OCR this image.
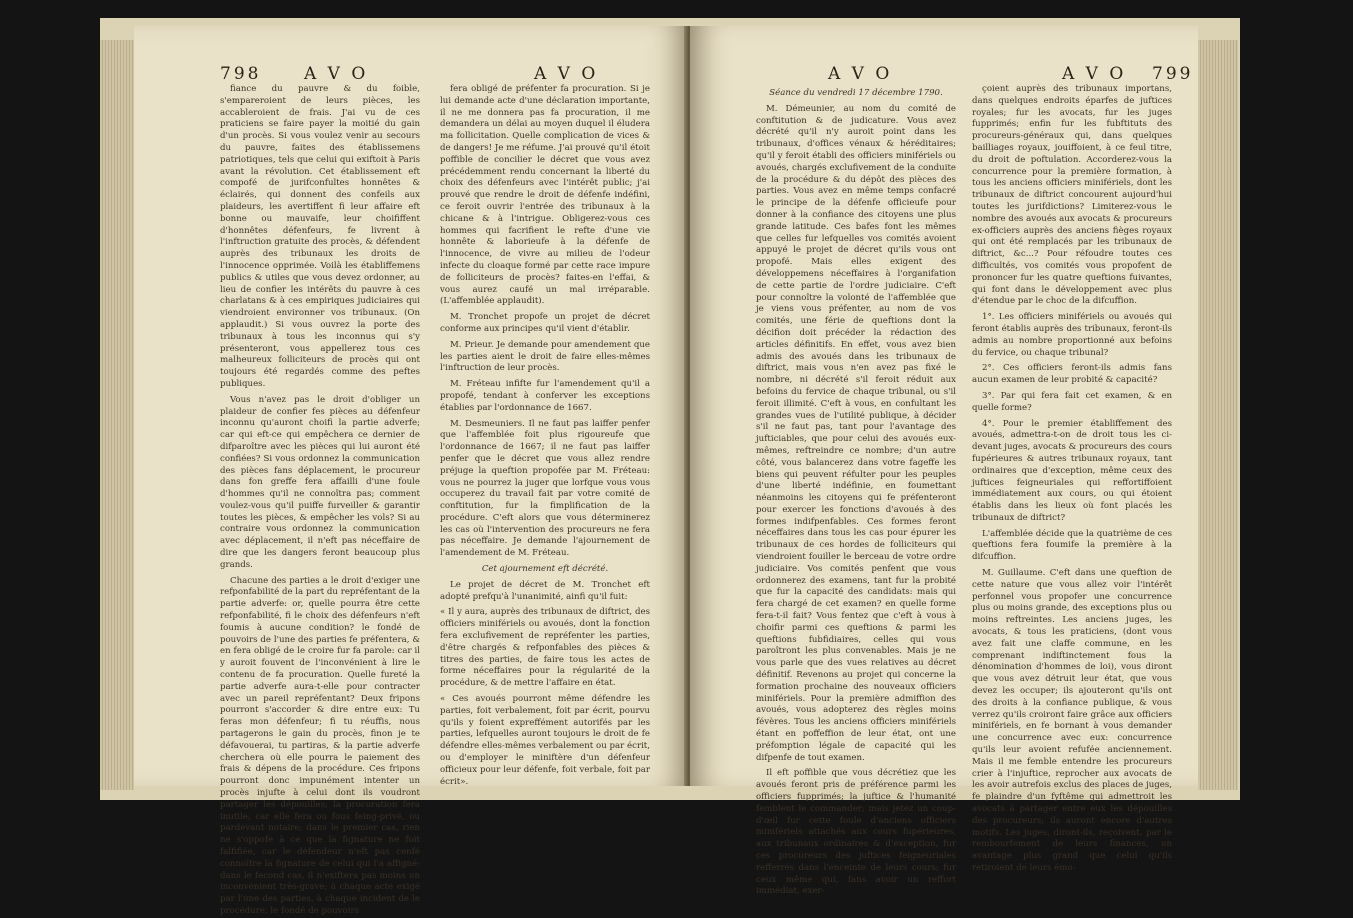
798	A V O	A V O

fiance du pauvre & du foible, s'empareroient de leurs pièces, les accableroient de frais. J'ai vu de ces praticiens se faire payer la moitié du gain d'un procès. Si vous voulez venir au secours du pauvre, faites des établissemens patriotiques, tels que celui qui exiftoit à Paris avant la révolution. Cet établissement eft compofé de jurifconfultes honnêtes & éclairés, qui donnent des confeils aux plaideurs, les avertiffent fi leur affaire eft bonne ou mauvaife, leur choififfent d'honnêtes défenfeurs, fe livrent à l'inftruction gratuite des procès, & défendent auprès des tribunaux les droits de l'innocence opprimée. Voilà les établiffemens publics & utiles que vous devez ordonner, au lieu de confier les intérêts du pauvre à ces charlatans & à ces empiriques judiciaires qui viendroient environner vos tribunaux. (On applaudit.) Si vous ouvrez la porte des tribunaux à tous les inconnus qui s'y présenteront, vous appellerez tous ces malheureux folliciteurs de procès qui ont toujours été regardés comme des peftes publiques.

Vous n'avez pas le droit d'obliger un plaideur de confier fes pièces au défenfeur inconnu qu'auront choifi la partie adverfe; car qui eft-ce qui empêchera ce dernier de difparoître avec les pièces qui lui auront été confiées? Si vous ordonnez la communication des pièces fans déplacement, le procureur dans fon greffe fera affailli d'une foule d'hommes qu'il ne connoîtra pas; comment voulez-vous qu'il puiffe furveiller & garantir toutes les pièces, & empêcher les vols? Si au contraire vous ordonnez la communication avec déplacement, il n'eft pas néceffaire de dire que les dangers feront beaucoup plus grands.

Chacune des parties a le droit d'exiger une refponfabilité de la part du repréfentant de la partie adverfe: or, quelle pourra être cette refponfabilité, fi le choix des défenfeurs n'eft foumis à aucune condition? le fondé de pouvoirs de l'une des parties fe préfentera, & en fera obligé de le croire fur fa parole: car il y auroit fouvent de l'inconvénient à lire le contenu de fa procuration. Quelle fureté la partie adverfe aura-t-elle pour contracter avec un pareil repréfentant? Deux fripons pourront s'accorder & dire entre eux: Tu feras mon défenfeur; fi tu réuffis, nous partagerons le gain du procès, finon je te défavouerai, tu partiras, & la partie adverfe cherchera où elle pourra le paiement des frais & dépens de la procédure. Ces fripons pourront donc impunément intenter un procès injufte à celui dont ils voudront partager les dépouilles; la procuration fera inutile; car elle fera ou fous feing-privé, ou pardevant notaire; dans le premier cas, rien ne s'oppofe à ce que la fignature ne foit falfifiée, car le défendeur n'eft pas cenfé connoître la fignature de celui qui l'a affigné: dans le fecond cas, il n'exiftera pas moins un inconvénient très-grave; à chaque acte exigé par l'une des parties, à chaque incident de le procédure, le fondé de pouvoirs

fera obligé de préfenter fa procuration. Si je lui demande acte d'une déclaration importante, il ne me donnera pas fa procuration, il me demandera un délai au moyen duquel il éludera ma follicitation. Quelle complication de vices & de dangers! Je me réfume. J'ai prouvé qu'il étoit poffible de concilier le décret que vous avez précédemment rendu concernant la liberté du choix des défenfeurs avec l'intérêt public; j'ai prouvé que rendre le droit de défenfe indéfini, ce feroit ouvrir l'entrée des tribunaux à la chicane & à l'intrigue. Obligerez-vous ces hommes qui facrifient le refte d'une vie honnête & laborieufe à la défenfe de l'innocence, de vivre au milieu de l'odeur infecte du cloaque formé par cette race impure de folliciteurs de procès? faites-en l'effai, & vous aurez caufé un mal irréparable. (L'affemblée applaudit).

M. Tronchet propofe un projet de décret conforme aux principes qu'il vient d'établir.

M. Prieur. Je demande pour amendement que les parties aient le droit de faire elles-mêmes l'inftruction de leur procès.

M. Fréteau infifte fur l'amendement qu'il a propofé, tendant à conferver les exceptions établies par l'ordonnance de 1667.

M. Desmeuniers. Il ne faut pas laiffer penfer que l'affemblée foit plus rigoureufe que l'ordonnance de 1667; il ne faut pas laiffer penfer que le décret que vous allez rendre préjuge la queftion propofée par M. Fréteau: vous ne pourrez la juger que lorfque vous vous occuperez du travail fait par votre comité de conftitution, fur la fimplification de la procédure. C'eft alors que vous déterminerez les cas où l'intervention des procureurs ne fera pas néceffaire. Je demande l'ajournement de l'amendement de M. Fréteau.

Cet ajournement eft décrété.

Le projet de décret de M. Tronchet eft adopté prefqu'à l'unanimité, ainfi qu'il fuit:

« Il y aura, auprès des tribunaux de diftrict, des officiers minifériels ou avoués, dont la fonction fera exclufivement de repréfenter les parties, d'être chargés & refponfables des pièces & titres des parties, de faire tous les actes de forme néceffaires pour la régularité de la procédure, & de mettre l'affaire en état.

« Ces avoués pourront même défendre les parties, foit verbalement, foit par écrit, pourvu qu'ils y foient expreffément autorifés par les parties, lefquelles auront toujours le droit de fe défendre elles-mêmes verbalement ou par écrit, ou d'employer le miniftère d'un défenfeur officieux pour leur défenfe, foit verbale, foit par écrit».

A V O	A V O 799

Séance du vendredi 17 décembre 1790.

M. Démeunier, au nom du comité de conftitution & de judicature. Vous avez décrété qu'il n'y auroit point dans les tribunaux, d'offices vénaux & héréditaires; qu'il y feroit établi des officiers minifériels ou avoués, chargés exclufivement de la conduite de la procédure & du dépôt des pièces des parties. Vous avez en même temps confacré le principe de la défenfe officieufe pour donner à la confiance des citoyens une plus grande latitude. Ces bafes font les mêmes que celles fur lefquelles vos comités avoient appuyé le projet de décret qu'ils vous ont propofé. Mais elles exigent des développemens néceffaires à l'organifation de cette partie de l'ordre judiciaire. C'eft pour connoître la volonté de l'affemblée que je viens vous préfenter, au nom de vos comités, une férie de queftions dont la décifion doit précéder la rédaction des articles définitifs. En effet, vous avez bien admis des avoués dans les tribunaux de diftrict, mais vous n'en avez pas fixé le nombre, ni décrété s'il feroit réduit aux befoins du fervice de chaque tribunal, ou s'il feroit illimité. C'eft à vous, en confultant les grandes vues de l'utilité publique, à décider s'il ne faut pas, tant pour l'avantage des jufticiables, que pour celui des avoués eux-mêmes, reftreindre ce nombre; d'un autre côté, vous balancerez dans votre fageffe les biens qui peuvent réfulter pour les peuples d'une liberté indéfinie, en foumettant néanmoins les citoyens qui fe préfenteront pour exercer les fonctions d'avoués à des formes indifpenfables. Ces formes feront néceffaires dans tous les cas pour épurer les tribunaux de ces hordes de folliciteurs qui viendroient fouiller le berceau de votre ordre judiciaire. Vos comités penfent que vous ordonnerez des examens, tant fur la probité que fur la capacité des candidats: mais qui fera chargé de cet examen? en quelle forme fera-t-il fait? Vous fentez que c'eft à vous à choifir parmi ces queftions & parmi les queftions fubfidiaires, celles qui vous paroîtront les plus convenables. Mais je ne vous parle que des vues relatives au décret définitif. Revenons au projet qui concerne la formation prochaine des nouveaux officiers minifériels. Pour la première admiffion des avoués, vous adopterez des règles moins févères. Tous les anciens officiers minifériels étant en poffeffion de leur état, ont une préfomption légale de capacité qui les difpenfe de tout examen.

Il eft poffible que vous décrétiez que les avoués feront pris de préférence parmi les officiers fupprimés; la juftice & l'humanité femblent le commander; mais jetez un coup-d'œil fur cette foule d'anciens officiers minifériels attachés aux cours fupérieures, aux tribunaux ordinaires & d'exception, fur ces procureurs des juftices feigneuriales refferrés dans l'enceinte de leurs cours; fur ceux même qui, fans avoir un reffort immédiat, exer-

çoient auprès des tribunaux importans, dans quelques endroits éparfes de juftices royales; fur les avocats, fur les juges fupprimés; enfin fur les fubftituts des procureurs-généraux qui, dans quelques bailliages royaux, jouiffoient, à ce feul titre, du droit de poftulation. Accorderez-vous la concurrence pour la première formation, à tous les anciens officiers minifériels, dont les tribunaux de diftrict concourent aujourd'hui toutes les jurifdictions? Limiterez-vous le nombre des avoués aux avocats & procureurs ex-officiers auprès des anciens fièges royaux qui ont été remplacés par les tribunaux de diftrict, &c...? Pour réfoudre toutes ces difficultés, vos comités vous propofent de prononcer fur les quatre queftions fuivantes, qui font dans le développement avec plus d'étendue par le choc de la difcuffion.

1°. Les officiers minifériels ou avoués qui feront établis auprès des tribunaux, feront-ils admis au nombre proportionné aux befoins du fervice, ou chaque tribunal?

2°. Ces officiers feront-ils admis fans aucun examen de leur probité & capacité?

3°. Par qui fera fait cet examen, & en quelle forme?

4°. Pour le premier établiffement des avoués, admettra-t-on de droit tous les ci-devant juges, avocats & procureurs des cours fupérieures & autres tribunaux royaux, tant ordinaires que d'exception, même ceux des juftices feigneuriales qui reffortiffoient immédiatement aux cours, ou qui étoient établis dans les lieux où font placés les tribunaux de diftrict?

L'affemblée décide que la quatrième de ces queftions fera foumife la première à la difcuffion.

M. Guillaume. C'eft dans une queftion de cette nature que vous allez voir l'intérêt perfonnel vous propofer une concurrence plus ou moins grande, des exceptions plus ou moins reftreintes. Les anciens juges, les avocats, & tous les praticiens, (dont vous avez fait une claffe commune, en les comprenant indiftinctement fous la dénomination d'hommes de loi), vous diront que vous avez détruit leur état, que vous devez les occuper; ils ajouteront qu'ils ont des droits à la confiance publique, & vous verrez qu'ils croiront faire grâce aux officiers minifériels, en fe bornant à vous demander une concurrence avec eux: concurrence qu'ils leur avoient refufée anciennement. Mais il me femble entendre les procureurs crier à l'injuftice, reprocher aux avocats de les avoir autrefois exclus des places de juges, fe plaindre d'un fyftême qui admettroit les avocats à partager entre eux les dépouilles des procureurs; ils auront encore d'autres motifs. Les juges, diront-ils, reçoivent, par le rembourfement de leurs finances, un avantage plus grand que celui qu'ils retiroient de leurs émo-
